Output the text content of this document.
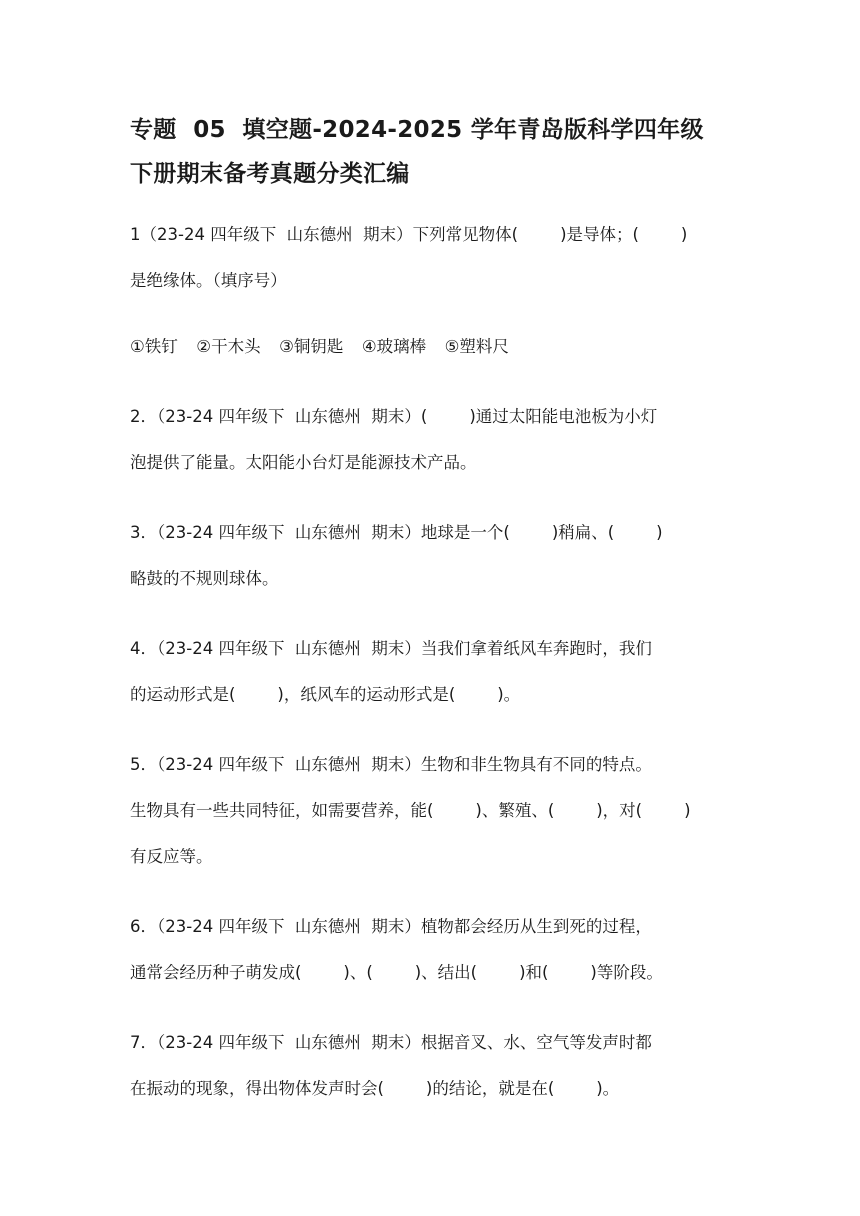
专题  05  填空题-2024-2025 学年青岛版科学四年级
下册期末备考真题分类汇编
1（23-24 四年级下  山东德州  期末）下列常见物体(        )是导体；(        )
是绝缘体。（填序号）
①铁钉  ②干木头  ③铜钥匙  ④玻璃棒  ⑤塑料尺
2．（23-24 四年级下  山东德州  期末）(        )通过太阳能电池板为小灯
泡提供了能量。太阳能小台灯是能源技术产品。
3．（23-24 四年级下  山东德州  期末）地球是一个(        )稍扁、(        )
略鼓的不规则球体。
4．（23-24 四年级下  山东德州  期末）当我们拿着纸风车奔跑时，我们
的运动形式是(        )，纸风车的运动形式是(        )。
5．（23-24 四年级下  山东德州  期末）生物和非生物具有不同的特点。
生物具有一些共同特征，如需要营养，能(        )、繁殖、(        )，对(        )
有反应等。
6．（23-24 四年级下  山东德州  期末）植物都会经历从生到死的过程，
通常会经历种子萌发成(        )、(        )、结出(        )和(        )等阶段。
7．（23-24 四年级下  山东德州  期末）根据音叉、水、空气等发声时都
在振动的现象，得出物体发声时会(        )的结论，就是在(        )。
